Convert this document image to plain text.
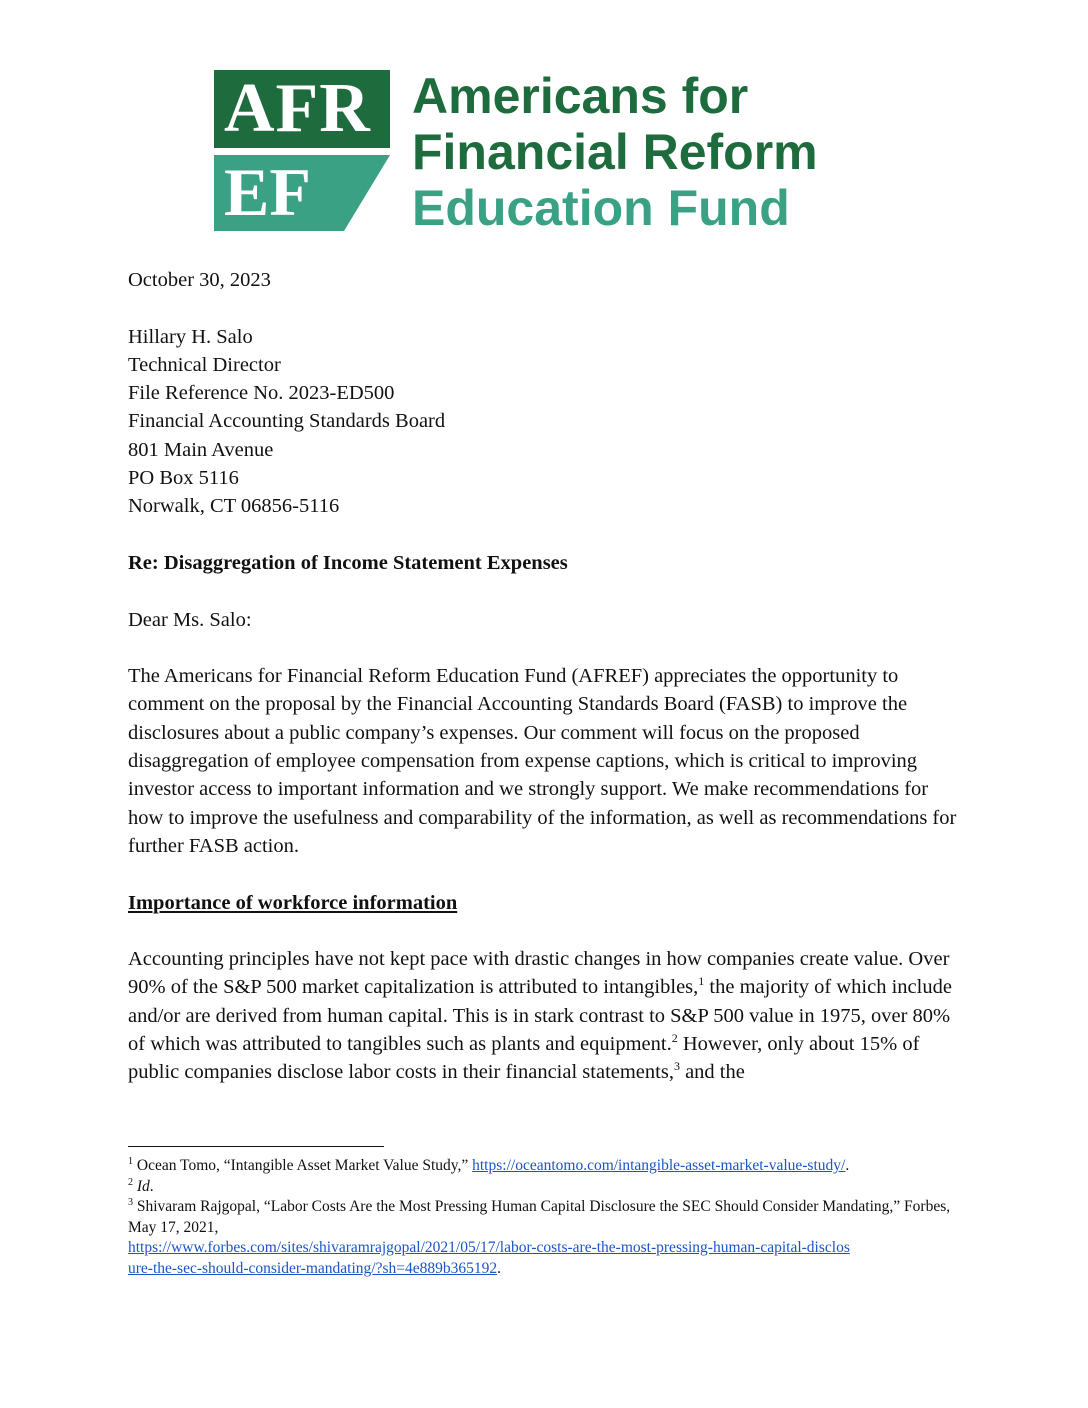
AFR
EF
Americans for
Financial Reform
Education Fund

October 30, 2023

Hillary H. Salo

Technical Director

File Reference No. 2023-ED500

Financial Accounting Standards Board

801 Main Avenue

PO Box 5116

Norwalk, CT 06856-5116

Re: Disaggregation of Income Statement Expenses

Dear Ms. Salo:

The Americans for Financial Reform Education Fund (AFREF) appreciates the opportunity to comment on the proposal by the Financial Accounting Standards Board (FASB) to improve the disclosures about a public company’s expenses. Our comment will focus on the proposed disaggregation of employee compensation from expense captions, which is critical to improving investor access to important information and we strongly support. We make recommendations for how to improve the usefulness and comparability of the information, as well as recommendations for further FASB action.

Importance of workforce information

Accounting principles have not kept pace with drastic changes in how companies create value. Over 90% of the S&P 500 market capitalization is attributed to intangibles,$^1$ the majority of which include and/or are derived from human capital. This is in stark contrast to S&P 500 value in 1975, over 80% of which was attributed to tangibles such as plants and equipment.$^2$ However, only about 15% of public companies disclose labor costs in their financial statements,$^3$ and the

$^1$ Ocean Tomo, “Intangible Asset Market Value Study,” https://oceantomo.com/intangible-asset-market-value-study/.

$^2$ Id.

$^3$ Shivaram Rajgopal, “Labor Costs Are the Most Pressing Human Capital Disclosure the SEC Should Consider Mandating,” Forbes, May 17, 2021,
https://www.forbes.com/sites/shivaramrajgopal/2021/05/17/labor-costs-are-the-most-pressing-human-capital-disclos
ure-the-sec-should-consider-mandating/?sh=4e889b365192.
